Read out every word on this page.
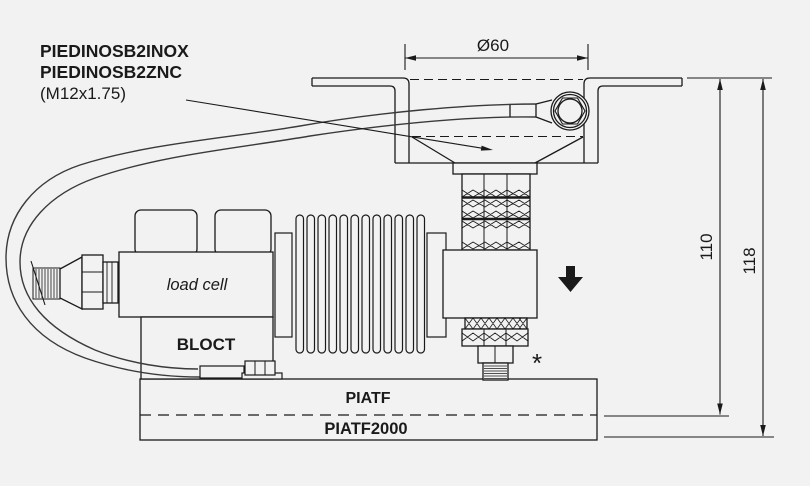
PIEDINOSB2INOX
PIEDINOSB2ZNC
(M12x1.75)
Ø60
110
118
load cell
BLOCT
PIATF
PIATF2000
*
